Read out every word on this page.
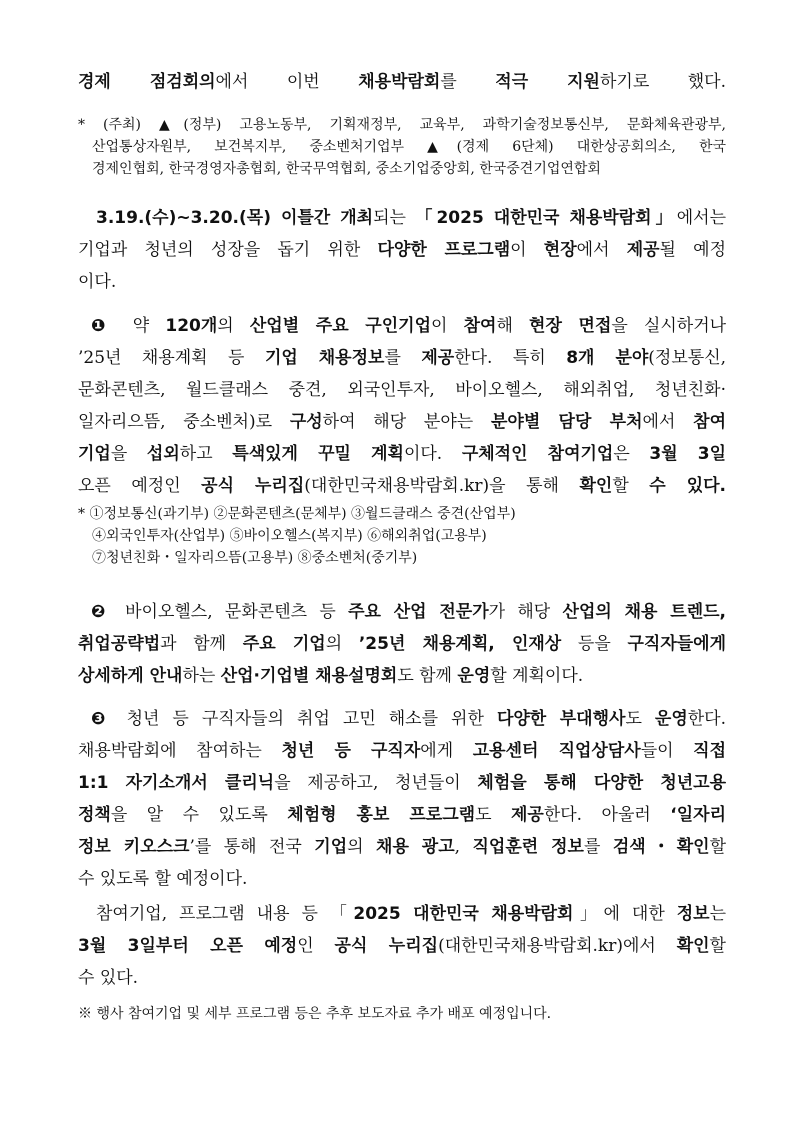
경제 점검회의에서 이번 채용박람회를 적극 지원하기로 했다.
* (주최) ▲(정부) 고용노동부, 기획재정부, 교육부, 과학기술정보통신부, 문화체육관광부,
산업통상자원부, 보건복지부, 중소벤처기업부 ▲(경제 6단체) 대한상공회의소, 한국
경제인협회, 한국경영자총협회, 한국무역협회, 중소기업중앙회, 한국중견기업연합회
3.19.(수)~3.20.(목) 이틀간 개최되는 「2025 대한민국 채용박람회」에서는
기업과 청년의 성장을 돕기 위한 다양한 프로그램이 현장에서 제공될 예정
이다.
❶ 약 120개의 산업별 주요 구인기업이 참여해 현장 면접을 실시하거나
’25년 채용계획 등 기업 채용정보를 제공한다. 특히 8개 분야(정보통신,
문화콘텐츠, 월드클래스 중견, 외국인투자, 바이오헬스, 해외취업, 청년친화·
일자리으뜸, 중소벤처)로 구성하여 해당 분야는 분야별 담당 부처에서 참여
기업을 섭외하고 특색있게 꾸밀 계획이다. 구체적인 참여기업은 3월 3일
오픈 예정인 공식 누리집(대한민국채용박람회.kr)을 통해 확인할 수 있다.
* ①정보통신(과기부) ②문화콘텐츠(문체부) ③월드클래스 중견(산업부)
④외국인투자(산업부) ⑤바이오헬스(복지부) ⑥해외취업(고용부)
⑦청년친화・일자리으뜸(고용부) ⑧중소벤처(중기부)
❷ 바이오헬스, 문화콘텐츠 등 주요 산업 전문가가 해당 산업의 채용 트렌드,
취업공략법과 함께 주요 기업의 ’25년 채용계획, 인재상 등을 구직자들에게
상세하게 안내하는 산업·기업별 채용설명회도 함께 운영할 계획이다.
❸ 청년 등 구직자들의 취업 고민 해소를 위한 다양한 부대행사도 운영한다.
채용박람회에 참여하는 청년 등 구직자에게 고용센터 직업상담사들이 직접
1:1 자기소개서 클리닉을 제공하고, 청년들이 체험을 통해 다양한 청년고용
정책을 알 수 있도록 체험형 홍보 프로그램도 제공한다. 아울러 ‘일자리
정보 키오스크’를 통해 전국 기업의 채용 광고, 직업훈련 정보를 검색・확인할
수 있도록 할 예정이다.
참여기업, 프로그램 내용 등 「2025 대한민국 채용박람회」에 대한 정보는
3월 3일부터 오픈 예정인 공식 누리집(대한민국채용박람회.kr)에서 확인할
수 있다.
※ 행사 참여기업 및 세부 프로그램 등은 추후 보도자료 추가 배포 예정입니다.
